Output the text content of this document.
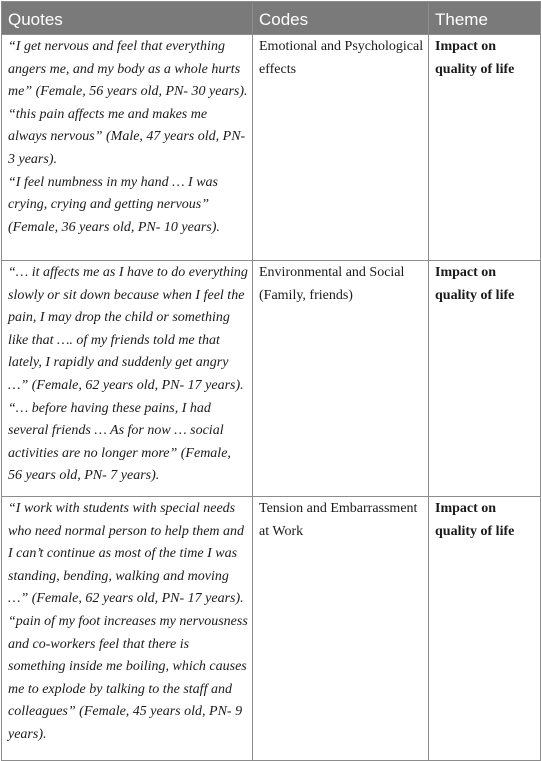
Quotes	Codes	Theme

“I get nervous and feel that everything angers me, and my body as a whole hurts me” (Female, 56 years old, PN- 30 years).
“this pain affects me and makes me always nervous” (Male, 47 years old, PN- 3 years).
“I feel numbness in my hand … I was crying, crying and getting nervous” (Female, 36 years old, PN- 10 years).	Emotional and Psychological effects	Impact on quality of life

“… it affects me as I have to do everything slowly or sit down because when I feel the pain, I may drop the child or something like that …. of my friends told me that lately, I rapidly and suddenly get angry …” (Female, 62 years old, PN- 17 years).
“… before having these pains, I had several friends … As for now … social activities are no longer more” (Female, 56 years old, PN- 7 years).	Environmental and Social (Family, friends)	Impact on quality of life

“I work with students with special needs who need normal person to help them and I can’t continue as most of the time I was standing, bending, walking and moving …” (Female, 62 years old, PN- 17 years).
“pain of my foot increases my nervousness and co-workers feel that there is something inside me boiling, which causes me to explode by talking to the staff and colleagues” (Female, 45 years old, PN- 9 years).	Tension and Embarrassment at Work	Impact on quality of life
